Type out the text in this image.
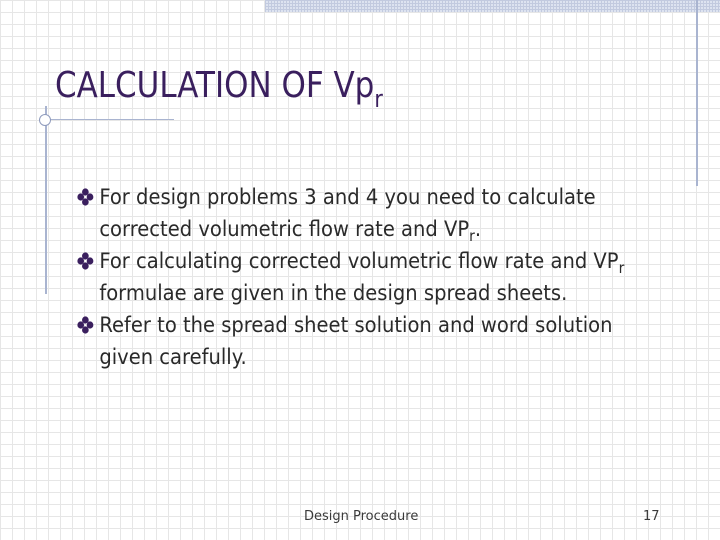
CALCULATION OF $Vp_r$
For design problems 3 and 4 you need to calculate corrected volumetric flow rate and $VP_r$.
For calculating corrected volumetric flow rate and $VP_r$ formulae are given in the design spread sheets.
Refer to the spread sheet solution and word solution given carefully.
Design Procedure	17
